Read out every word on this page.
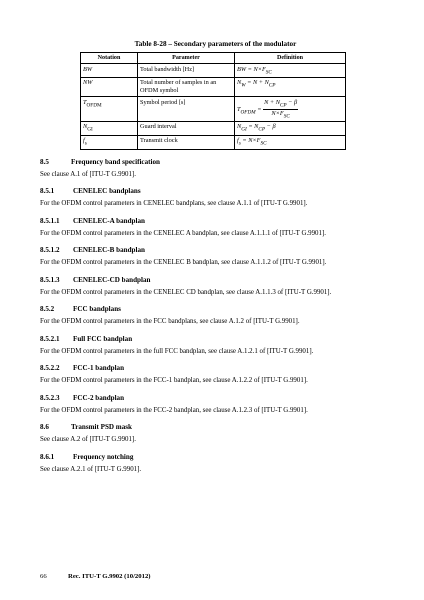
Table 8-28 – Secondary parameters of the modulator
Notation	Parameter	Definition
BW	Total bandwidth [Hz]	BW = $N\times F_{SC}$
NW	Total number of samples in an OFDM symbol	$N_W = N + N_{CP}$
$T_{OFDM}$	Symbol period [s]	$T_{OFDM} = \frac{N + N_{CP} - \beta}{N\times F_{SC}}$

$N_{GI}$	Guard interval	$N_{GI} = N_{CP} - \beta$
$f_s$	Transmit clock	$f_s = N\times F_{SC}$
8.5	Frequency band specification

See clause A.1 of [ITU-T G.9901].

8.5.1	CENELEC bandplans

For the OFDM control parameters in CENELEC bandplans, see clause A.1.1 of [ITU-T G.9901].

8.5.1.1	CENELEC-A bandplan

For the OFDM control parameters in the CENELEC A bandplan, see clause A.1.1.1 of [ITU-T G.9901].

8.5.1.2	CENELEC-B bandplan

For the OFDM control parameters in the CENELEC B bandplan, see clause A.1.1.2 of [ITU-T G.9901].

8.5.1.3	CENELEC-CD bandplan

For the OFDM control parameters in the CENELEC CD bandplan, see clause A.1.1.3 of [ITU-T G.9901].

8.5.2	FCC bandplans

For the OFDM control parameters in the FCC bandplans, see clause A.1.2 of [ITU-T G.9901].

8.5.2.1	Full FCC bandplan

For the OFDM control parameters in the full FCC bandplan, see clause A.1.2.1 of [ITU-T G.9901].

8.5.2.2	FCC-1 bandplan

For the OFDM control parameters in the FCC-1 bandplan, see clause A.1.2.2 of [ITU-T G.9901].

8.5.2.3	FCC-2 bandplan

For the OFDM control parameters in the FCC-2 bandplan, see clause A.1.2.3 of [ITU-T G.9901].

8.6	Transmit PSD mask

See clause A.2 of [ITU-T G.9901].

8.6.1	Frequency notching

See clause A.2.1 of [ITU-T G.9901].

66	Rec. ITU-T G.9902 (10/2012)
